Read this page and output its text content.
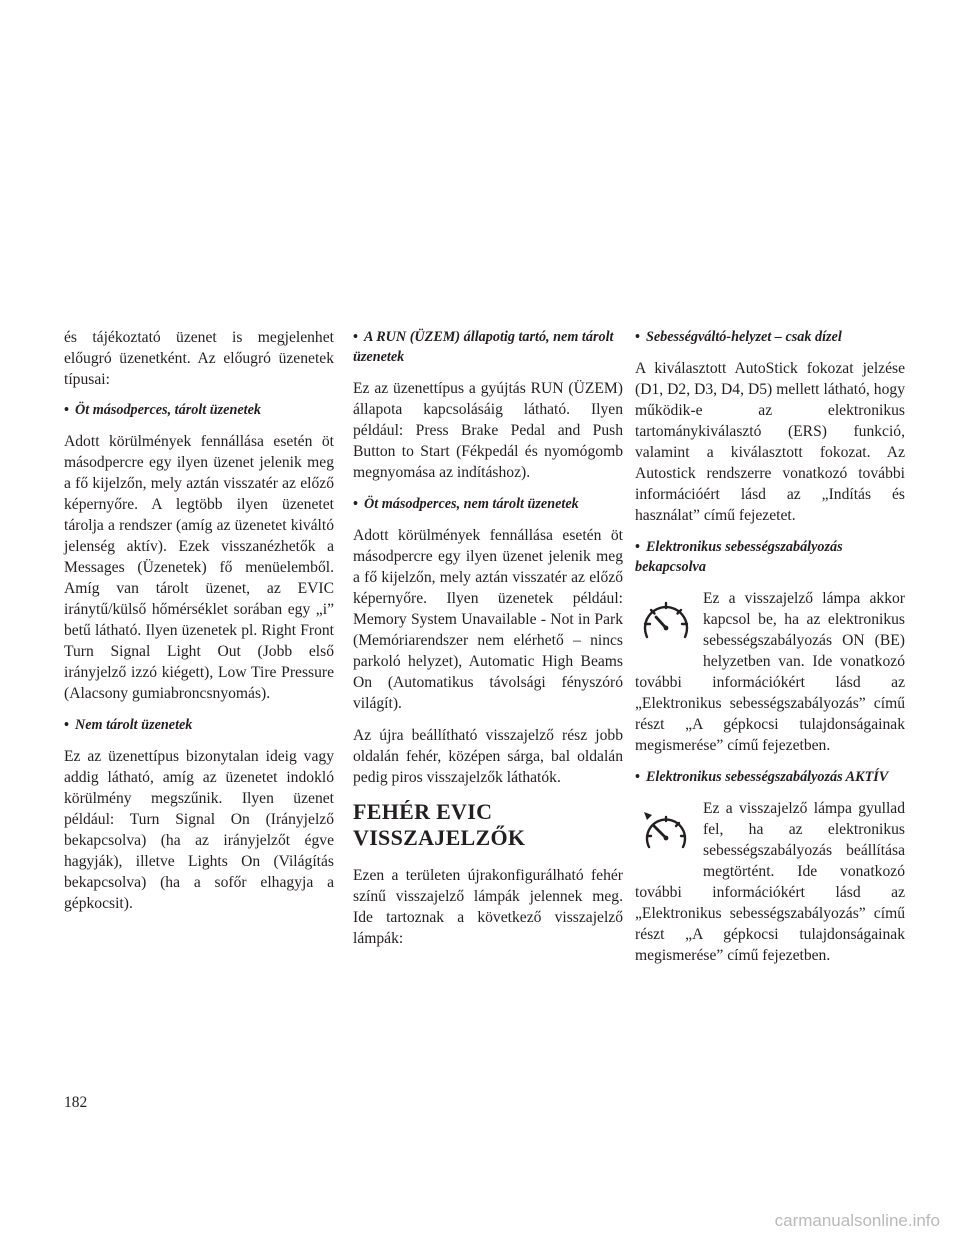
és tájékoztató üzenet is megjelenhet előugró üzenetként. Az előugró üzenetek típusai:

• Öt másodperces, tárolt üzenetek

Adott körülmények fennállása esetén öt másodpercre egy ilyen üzenet jelenik meg a fő kijelzőn, mely aztán visszatér az előző képernyőre. A legtöbb ilyen üzenetet tárolja a rendszer (amíg az üzenetet kiváltó jelenség aktív). Ezek visszanézhetők a Messages (Üzenetek) fő menüelemből. Amíg van tárolt üzenet, az EVIC iránytű/külső hőmérséklet sorában egy „i” betű látható. Ilyen üzenetek pl. Right Front Turn Signal Light Out (Jobb első irányjelző izzó kiégett), Low Tire Pressure (Alacsony gumiabroncsnyomás).

• Nem tárolt üzenetek

Ez az üzenettípus bizonytalan ideig vagy addig látható, amíg az üzenetet indokló körülmény megszűnik. Ilyen üzenet például: Turn Signal On (Irányjelző bekapcsolva) (ha az irányjelzőt égve hagyják), illetve Lights On (Világítás bekapcsolva) (ha a sofőr elhagyja a gépkocsit).

• A RUN (ÜZEM) állapotig tartó, nem tárolt üzenetek

Ez az üzenettípus a gyújtás RUN (ÜZEM) állapota kapcsolásáig látható. Ilyen például: Press Brake Pedal and Push Button to Start (Fékpedál és nyomógomb megnyomása az indításhoz).

• Öt másodperces, nem tárolt üzenetek

Adott körülmények fennállása esetén öt másodpercre egy ilyen üzenet jelenik meg a fő kijelzőn, mely aztán visszatér az előző képernyőre. Ilyen üzenetek például: Memory System Unavailable - Not in Park (Memóriarendszer nem elérhető – nincs parkoló helyzet), Automatic High Beams On (Automatikus távolsági fényszóró világít).

Az újra beállítható visszajelző rész jobb oldalán fehér, középen sárga, bal oldalán pedig piros visszajelzők láthatók.

FEHÉR EVIC VISSZAJELZŐK

Ezen a területen újrakonfigurálható fehér színű visszajelző lámpák jelennek meg. Ide tartoznak a következő visszajelző lámpák:

• Sebességváltó-helyzet – csak dízel

A kiválasztott AutoStick fokozat jelzése (D1, D2, D3, D4, D5) mellett látható, hogy működik-e az elektronikus tartománykiválasztó (ERS) funkció, valamint a kiválasztott fokozat. Az Autostick rendszerre vonatkozó további információért lásd az „Indítás és használat” című fejezetet.

• Elektronikus sebességszabályozás bekapcsolva

Ez a visszajelző lámpa akkor kapcsol be, ha az elektronikus sebességszabályozás ON (BE) helyzetben van. Ide vonatkozó további információkért lásd az „Elektronikus sebességszabályozás” című részt „A gépkocsi tulajdonságainak megismerése” című fejezetben.

• Elektronikus sebességszabályozás AKTÍV

Ez a visszajelző lámpa gyullad fel, ha az elektronikus sebességszabályozás beállítása megtörtént. Ide vonatkozó további információkért lásd az „Elektronikus sebességszabályozás” című részt „A gépkocsi tulajdonságainak megismerése” című fejezetben.
182
carmanualsonline.info
